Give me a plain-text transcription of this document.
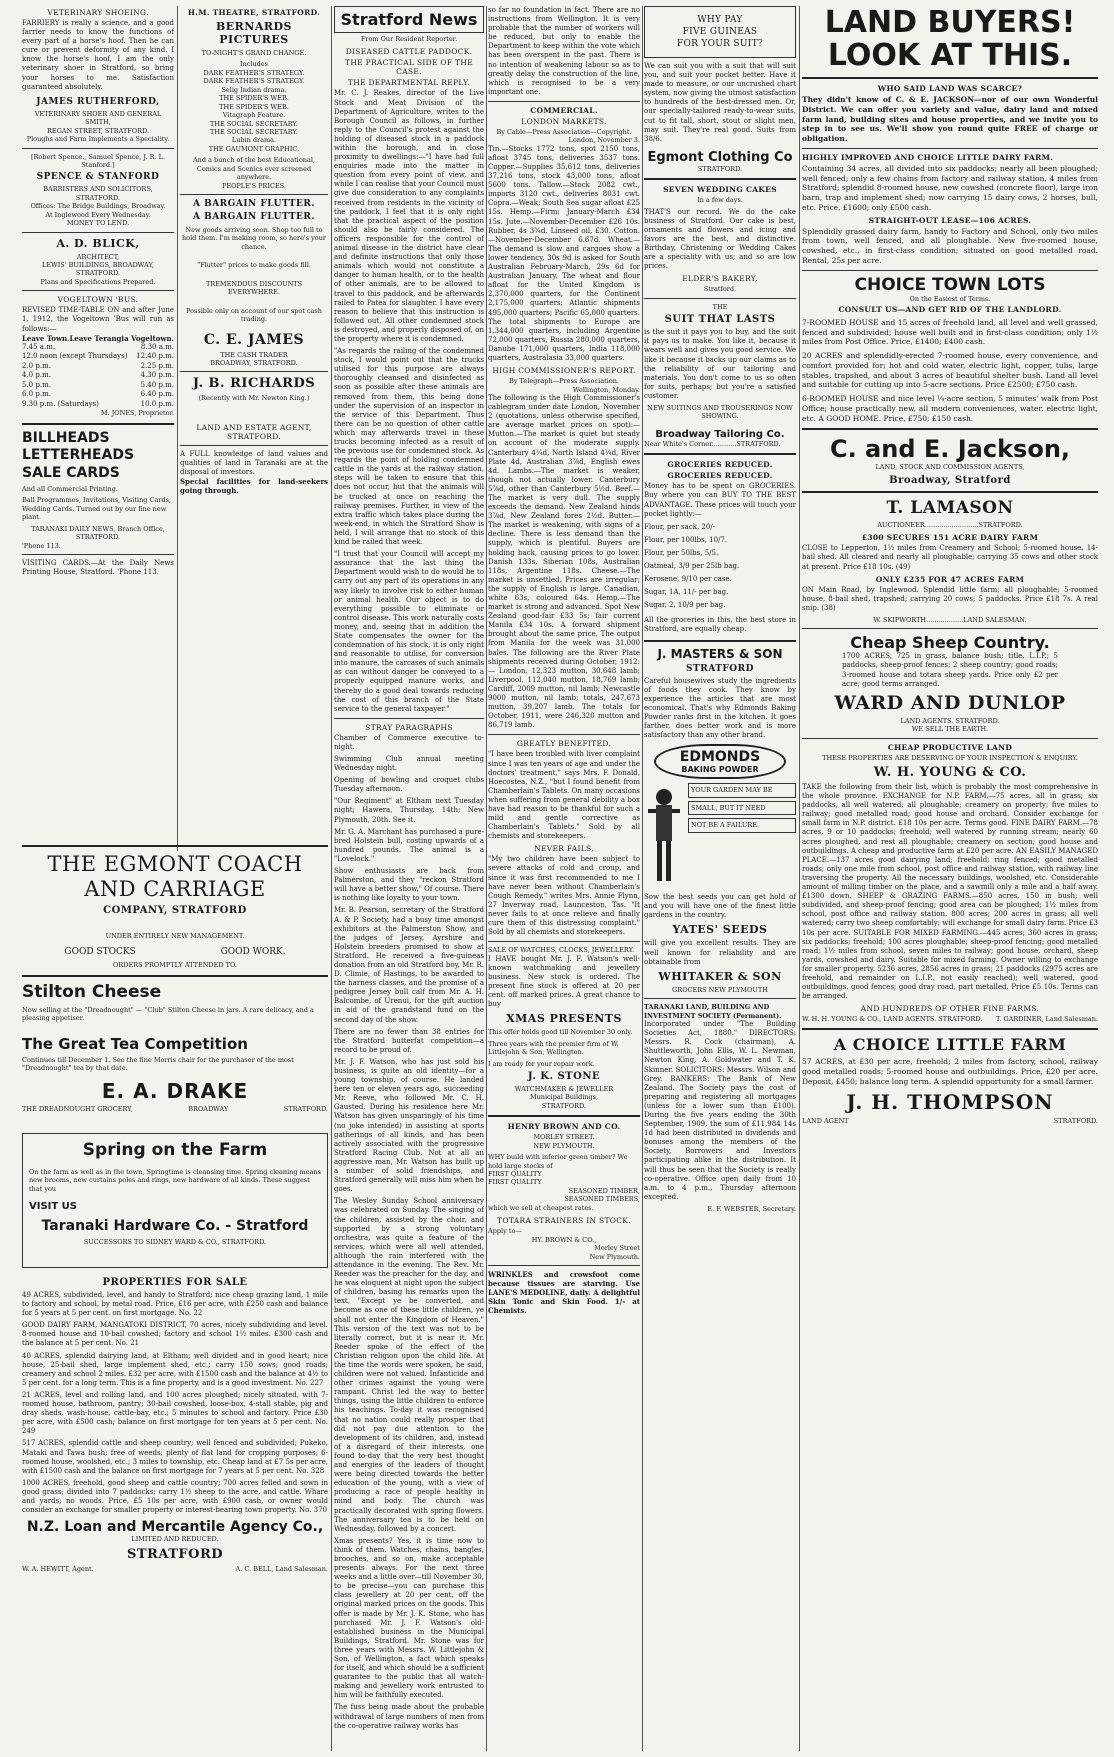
VETERINARY SHOEING.

FARRIERY is really a science, and a good farrier needs to know the functions of every part of a horse's hoof. Then he can cure or prevent deformity of any kind. I know the horse's hoof, I am the only veterinary shoer in Stratford, so bring your horses to me. Satisfaction guaranteed absolutely.

JAMES RUTHERFORD,
VETERINARY SHOER AND GENERAL SMITH,
REGAN STREET, STRATFORD.
Ploughs and Farm Implements a Speciality.
[Robert Spence., Samuel Spence, J. R. L. Stanford.]
SPENCE & STANFORD
BARRISTERS AND SOLICITORS, STRATFORD.
Offices: The Bridge Buildings, Broadway.
At Inglewood Every Wednesday.
MONEY TO LEND.
A. D. BLICK,
ARCHITECT,
LEWIS' BUILDINGS, BROADWAY, STRATFORD.
Plans and Specifications Prepared.
VOGELTOWN 'BUS.

REVISED TIME-TABLE ON and after June 1, 1912, the Vogeltown 'Bus will run as follows:—

Leave Town. Leave Terangia Vogeltown.
7.45 a.m.	8.30 a.m.
12.0 noon (except Thursdays) 12.40 p.m.
2.0 p.m.	2.25 p.m.
4.0 p.m.	4.30 p.m.
5.0 p.m.	5.40 p.m.
6.0 p.m.	6.40 p.m.
9.30 p.m. (Saturdays)	10.0 p.m.
M. JONES, Proprietor.
BILLHEADS
LETTERHEADS
SALE CARDS
And all Commercial Printing.
Ball Programmes, Invitations, Visiting Cards, Wedding Cards. Turned out by our fine new plant.
TARANAKI DAILY NEWS, Branch Office, STRATFORD.
'Phone 113.

VISITING CARDS.—At the Daily News Printing House, Stratford. 'Phone 113.

H.M. THEATRE, STRATFORD.
BERNARDS PICTURES
TO-NIGHT'S GRAND CHANGE.
Includes
DARK FEATHER'S STRATEGY.
DARK FEATHER'S STRATEGY.
Selig Indian drama.
THE SPIDER'S WEB.
THE SPIDER'S WEB.
Vitagraph Feature.
THE SOCIAL SECRETARY.
THE SOCIAL SECRETARY.
Lubin drama.
THE GAUMONT GRAPHIC.

And a bunch of the best Educational, Comics and Scenics ever screened anywhere.

PEOPLE'S PRICES.
A BARGAIN FLUTTER.
A BARGAIN FLUTTER.

New goods arriving soon. Shop too full to hold them. I'm making room, so here's your chance.

"Flutter" prices to make goods fill.

TREMENDOUS DISCOUNTS EVERYWHERE.

Possible only on account of our spot cash trading.

C. E. JAMES
THE CASH TRADER
BROADWAY, STRATFORD.
J. B. RICHARDS
(Recently with Mr. Newton King.)
LAND AND ESTATE AGENT, STRATFORD.

A FULL knowledge of land values and qualities of land in Taranaki are at the disposal of investors.

Special facilities for land-seekers going through.

THE EGMONT COACH AND CARRIAGE
COMPANY, STRATFORD
UNDER ENTIRELY NEW MANAGEMENT.
GOOD STOCKS	GOOD WORK.
ORDERS PROMPTLY ATTENDED TO.
Stilton Cheese

Now selling at the "Dreadnought" — "Club" Stilton Cheese in jars. A rare delicacy, and a pleasing appetiser.

The Great Tea Competition

Continues till December 1. See the fine Morris chair for the purchaser of the most "Dreadnought" tea by that date.

E. A. DRAKE
THE DREADNOUGHT GROCERY,	BROADWAY	STRATFORD.
Spring on the Farm

On the farm as well as in the town, Springtime is cleansing time. Spring cleaning means new brooms, new curtains poles and rings, new hardware of all kinds. These suggest that you

VISIT US
Taranaki Hardware Co. - Stratford
SUCCESSORS TO SIDNEY WARD & CO., STRATFORD.
PROPERTIES FOR SALE

49 ACRES, subdivided, level, and handy to Stratford; nice cheap grazing land, 1 mile to factory and school, by metal road. Price, £16 per acre, with £250 cash and balance for 5 years at 5 per cent. on first mortgage. No. 22

GOOD DAIRY FARM, MANGATOKI DISTRICT, 70 acres, nicely subdividing and level. 8-roomed house and 10-bail cowshed; factory and school 1½ miles. £300 cash and the balance at 5 per cent. No. 21

40 ACRES, splendid dairying land, at Eltham; well divided and in good heart; nice house, 25-bail shed, large implement shed, etc.; carry 150 sows; good roads; creamery and school 2 miles. £32 per acre, with £1500 cash and the balance at 4½ to 5 per cent. for a long term. This is a fine property, and is a good investment. No. 227

21 ACRES, level and rolling land, and 100 acres ploughed; nicely situated, with 7-roomed house, bathroom, pantry; 30-bail cowshed, loose-box, 4-stall stable, pig and dray sheds, wash-house, cattle-bay, etc.; 5 minutes to school and factory. Price £30 per acre, with £500 cash; balance on first mortgage for ten years at 5 per cent. No. 249

517 ACRES, splendid cattle and sheep country; well fenced and subdivided; Pukeko, Mataki and Tawa bush; free of weeds; plenty of flat land for cropping purposes; 6-roomed house, woolshed, etc.; 3 miles to township, etc. Cheap land at £7 5s per acre, with £1500 cash and the balance on first mortgage for 7 years at 5 per cent. No. 328

1000 ACRES, freehold, good sheep and cattle country; 700 acres felled and sown in good grass; divided into 7 paddocks; carry 1½ sheep to the acre, and cattle. Whare and yards; no woods. Price, £5 10s per acre, with £900 cash, or owner would consider an exchange for smaller property or interest-bearing town property. No. 370

N.Z. Loan and Mercantile Agency Co.,
LIMITED AND REDUCED.
STRATFORD
W. A. HEWITT, Agent.	A. C. BELL, Land Salesman.
Stratford News
From Our Resident Reporter.
DISEASED CATTLE PADDOCK.
THE PRACTICAL SIDE OF THE CASE.
THE DEPARTMENTAL REPLY.

Mr. C. J. Reakes, director of the Live Stock and Meat Division of the Department of Agriculture, writes to the Borough Council as follows, in further reply to the Council's protest against the holding of diseased stock in a paddock within the borough, and in close proximity to dwellings:—"I have had full enquiries made into the matter in question from every point of view, and while I can realise that your Council must give due consideration to any complaints received from residents in the vicinity of the paddock, I feel that it is only right that the practical aspect of the position should also be fairly considered. The officers responsible for the control of animal disease in the district have clear and definite instructions that only those animals which would not constitute a danger to human health, or to the health of other animals, are to be allowed to travel to this paddock, and be afterwards railed to Patea for slaughter. I have every reason to believe that this instruction is followed out. All other condemned stock is destroyed, and properly disposed of, on the property where it is condemned.

"As regards the railing of the condemned stock, I would point out that the trucks utilised for this purpose are always thoroughly cleansed and disinfected as soon as possible after these animals are removed from them, this being done under the supervision of an inspector in the service of this Department. Thus there can be no question of other cattle which may afterwards travel in these trucks becoming infected as a result of the previous use for condemned stock. As regards the point of holding condemned cattle in the yards at the railway station, steps will be taken to ensure that this does not occur, but that the animals will be trucked at once on reaching the railway premises. Further, in view of the extra traffic which takes place during the week-end, in which the Stratford Show is held, I will arrange that no stock of this kind be railed that week.

"I trust that your Council will accept my assurance that the last thing the Department would wish to do would be to carry out any part of its operations in any way likely to involve risk to either human or animal health. Our object is to do everything possible to eliminate or control disease. This work naturally costs money, and, seeing that in addition the State compensates the owner for the condemnation of his stock, it is only right and reasonable to utilise, for conversion into manure, the carcases of such animals as can without danger be conveyed to a properly equipped manure works, and thereby do a good deal towards reducing the cost of this branch of the State service to the general taxpayer."

STRAY PARAGRAPHS

Chamber of Commerce executive to-night.

Swimming Club annual meeting Wednesday night.

Opening of bowling and croquet clubs Tuesday afternoon.

"Our Regiment" at Eltham next Tuesday night; Hawera, Thursday, 14th; New Plymouth, 20th. See it.

Mr. G. A. Marchant has purchased a pure-bred Holstein bull, costing upwards of a hundred pounds. The animal is a "Lovelock."

Show enthusiasts are back from Palmerston, and they "reckon Stratford will have a better show." Of course. There is nothing like loyalty to your town.

Mr. B. Pearson, secretary of the Stratford A. & P. Society, had a busy time amongst exhibitors at the Palmerston Show, and the judges of Jersey, Ayrshire and Holstein breeders promised to show at Stratford. He received a five-guineas donation from an old Stratford boy, Mr. R. D. Climie, of Hastings, to be awarded to the harness classes, and the promise of a pedigree Jersey bull calf from Mr. A. H. Balcombe, of Urenui, for the gift auction in aid of the grandstand fund on the second day of the show.

There are no fewer than 38 entries for the Stratford butterfat competition—a record to be proud of.

Mr. J. F. Watson, who has just sold his business, is quite an old identity—for a young township, of course. He landed here ten or eleven years ago, succeeding Mr. Reeve, who followed Mr. C. H. Gausted. During his residence here Mr. Watson has given unsparingly of his time (no joke intended) in assisting at sports gatherings of all kinds, and has been actively associated with the progressive Stratford Racing Club. Not at all an aggressive man, Mr. Watson has built up a number of solid friendships, and Stratford generally will miss him when he goes.

The Wesley Sunday School anniversary was celebrated on Sunday. The singing of the children, assisted by the choir, and supported by a strong voluntary orchestra, was quite a feature of the services, which were all well attended, although the rain interfered with the attendance in the evening. The Rev. Mr. Reeder was the preacher for the day, and he was eloquent at night upon the subject of children, basing his remarks upon the text, "Except ye be converted, and become as one of these little children, ye shall not enter the Kingdom of Heaven." This version of the text was not to be literally correct, but it is near it. Mr. Reeder spoke of the effect of the Christian religion upon the child life. At the time the words were spoken, he said, children were not valued. Infanticide and other crimes against the young were rampant. Christ led the way to better things, using the little children to enforce his teachings. To-day it was recognised that no nation could really prosper that did not pay due attention to the development of its children, and, instead of a disregard of their interests, one found to-day that the very best thought and energies of the leaders of thought were being directed towards the better education of the young, with a view of producing a race of people healthy in mind and body. The church was practically decorated with spring flowers. The anniversary tea is to be held on Wednesday, followed by a concert.

Xmas presents? Yes, it is time now to think of them. Watches, chains, bangles, brooches, and so on, make acceptable presents always. For the next three weeks and a little over—till November 30, to be precise—you can purchase this class jewellery at 20 per cent. off the original marked prices on the goods. This offer is made by Mr. J. K. Stone, who has purchased Mr. J. F. Watson's old-established business in the Municipal Buildings, Stratford. Mr. Stone was for three years with Messrs. W. Littlejohn & Son, of Wellington, a fact which speaks for itself, and which should be a sufficient guarantee to the public that all watch-making and jewellery work entrusted to him will be faithfully executed.

The fuss being made about the probable withdrawal of large numbers of men from the co-operative railway works has

so far no foundation in fact. There are no instructions from Wellington. It is very probable that the number of workers will be reduced, but only to enable the Department to keep within the vote which has been overspent in the past. There is no intention of weakening labour so as to greatly delay the construction of the line, which is recognised to be a very important one.

COMMERCIAL.
LONDON MARKETS.
By Cable—Press Association—Copyright.
London, November 3.

Tin.—Stocks 1772 tons, spot 2150 tons, afloat 3745 tons, deliveries 3537 tons. Copper.—Supplies 35,612 tons, deliveries 37,216 tons, stock 43,000 tons, afloat 5600 tons. Tallow.—Stock 2082 cwt., imports 3120 cwt., deliveries 8031 cwt. Copra.—Weak; South Sea sugar afloat £25 15s. Hemp.—Firm; January-March £34 15s. Jute.—November-December £26 10s. Rubber, 4s 3¾d. Linseed oil, £30. Cotton.—November-December 6.67d. Wheat.—The demand is slow and cargoes show a lower tendency, 30s 9d is asked for South Australian February-March, 29s 6d for Australian January. The wheat and flour afloat for the United Kingdom is 2,370,000 quarters, for the Continent 2,175,000 quarters; Atlantic shipments 495,000 quarters; Pacific 65,000 quarters. The total shipments to Europe are 1,344,000 quarters, including Argentine 72,000 quarters, Russia 280,000 quarters, Danube 171,000 quarters, India 118,000 quarters, Australasia 33,000 quarters.

HIGH COMMISSIONER'S REPORT.
By Telegraph—Press Association.
Wellington, Monday.

The following is the High Commissioner's cablegram under date London, November 2 (quotations, unless otherwise specified, are average market prices on spot):— Mutton.—The market is quiet but steady on account of the moderate supply. Canterbury 4¼d, North Island 4¼d, River Plate 4d, Australian 3⅞d, English ewes 4d. Lambs.—The market is weaker, though not actually lower. Canterbury 5⅞d, other than Canterbury 5½d. Beef.—The market is very dull. The supply exceeds the demand. New Zealand hinds 3⅞d, New Zealand fores 2½d. Butter.—The market is weakening, with signs of a decline. There is less demand than the supply, which is plentiful. Buyers are holding back, causing prices to go lower. Danish 133s, Siberian 108s, Australian 118s, Argentine 118s. Cheese.—The market is unsettled. Prices are irregular; the supply of English is large. Canadian, white 63s, coloured 64s. Hemp.—The market is strong and advanced. Spot New Zealand good-fair £33 5s; fair current Manila £34 10s. A forward shipment brought about the same price. The output from Manila for the week was 31,000 bales. The following are the River Plate shipments received during October, 1912:— London, 12,323 mutton, 30,648 lamb; Liverpool, 112,040 mutton, 18,769 lamb; Cardiff, 2009 mutton, nil lamb; Newcastle 9000 mutton, nil lamb; totals, 247,673 mutton, 39,207 lamb. The totals for October, 1911, were 246,320 mutton and 86,719 lamb.

GREATLY BENEFITED.

"I have been troubled with liver complaint since I was ten years of age and under the doctors' treatment," says Mrs. F. Donald, Hoecostea, N.Z., "but I found benefit from Chamberlain's Tablets. On many occasions when suffering from general debility a box have had reason to be thankful for such a mild and gentle corrective as Chamberlain's Tablets." Sold by all chemists and storekeepers.

NEVER FAILS.

"My two children have been subject to severe attacks of cold and croup, and since it was first recommended to me I have never been without Chamberlain's Cough Remedy," writes Mrs. Annie Flynn, 27 Inverway road, Launceston, Tas. "It never fails to at once relieve and finally cure them of this distressing complaint." Sold by all chemists and storekeepers.

SALE OF WATCHES, CLOCKS, JEWELLERY.

I HAVE bought Mr. J. F. Watson's well-known watchmaking and jewellery business. New stock is ordered. The present fine stock is offered at 20 per cent. off marked prices. A great chance to buy

XMAS PRESENTS

This offer holds good till November 30 only.

Three years with the premier firm of W. Littlejohn & Son, Wellington.

I am ready for your repair work.

J. K. STONE
WATCHMAKER & JEWELLER
Municipal Buildings,
STRATFORD.
HENRY BROWN AND CO.
MORLEY STREET.
NEW PLYMOUTH.

WHY build with inferior green timber? We hold large stocks of

FIRST QUALITY
FIRST QUALITY
SEASONED TIMBER,
SEASONED TIMBERS,

which we sell at cheapest rates.

TOTARA STRAINERS IN STOCK.
Apply to—
HY. BROWN & CO.,
Morley Street
New Plymouth.

WRINKLES and crowsfoot come because tissues are starving. Use LANE'S MEDOLINE, daily. A delightful Skin Tonic and Skin Food. 1/- at Chemists.

WHY PAY
FIVE GUINEAS
FOR YOUR SUIT?

We can suit you with a suit that will suit you, and suit your pocket better. Have it made to measure, or our uncrushed chart system, now giving the utmost satisfaction to hundreds of the best-dressed men. Or, our specially-tailored ready-to-wear suits, cut to fit tall, short, stout or slight men, may suit. They're real good. Suits from 38/6.

Egmont Clothing Co
STRATFORD.
SEVEN WEDDING CAKES
In a few days.

THAT'S our record. We do the cake business of Stratford. Our cake is best, ornaments and flowers and icing and favors are the best, and distinctive. Birthday, Christening or Wedding Cakes are a speciality with us; and so are low prices.

ELDER'S BAKERY,
Stratford.
THE
SUIT THAT LASTS

is the suit it pays you to buy, and the suit it pays us to make. You like it, because it wears well and gives you good service. We like it because it backs up our claims as to the reliability of our tailoring and materials. You don't come to us so often for suits, perhaps; but you're a satisfied customer.

NEW SUITINGS AND TROUSERINGS NOW SHOWING.
Broadway Tailoring Co.
Near White's Corner............STRATFORD.
GROCERIES REDUCED.
GROCERIES REDUCED.

Money has to be spent on GROCERIES. Buy where you can BUY TO THE BEST ADVANTAGE. These prices will touch your pocket lightly:—

Flour, per sack, 20/-
Flour, per 100lbs, 10/7.
Flour, per 50lbs, 5/5.
Oatmeal, 3/9 per 25lb bag.
Kerosene, 9/10 per case.
Sugar, 1A, 11/- per bag.
Sugar, 2, 10/9 per bag.

All the groceries in this, the best store in Stratford, are equally cheap.

J. MASTERS & SON
STRATFORD

Careful housewives study the ingredients of foods they cook. They know by experience the articles that are most economical. That's why Edmonds Baking Powder ranks first in the kitchen. It goes farther, does better work and is more satisfactory than any other brand.

EDMONDS
BAKING POWDER
YOUR GARDEN MAY BE
SMALL, BUT IT NEED
NOT BE A FAILURE.

Sow the best seeds you can get hold of and you will have one of the finest little gardens in the country.

YATES' SEEDS

will give you excellent results. They are well known for reliability and are obtainable from

WHITAKER & SON
GROCERS NEW PLYMOUTH
TARANAKI LAND, BUILDING AND INVESTMENT SOCIETY (Permanent).

Incorporated under "The Building Societies Act, 1880." DIRECTORS: Messrs. R. Cock (chairman), A. Shuttleworth, John Ellis, W. L. Newman, Newton King, A. Goldwater and T. K. Skinner. SOLICITORS: Messrs. Wilson and Grey. BANKERS: The Bank of New Zealand. The Society pays the cost of preparing and registering all mortgages (unless for a lower sum than £100). During the five years ending the 30th September, 1909, the sum of £11,984 14s 1d had been distributed in dividends and bonuses among the members of the Society, Borrowers and Investors participating alike in the distribution. It will thus be seen that the Society is really co-operative. Office open daily from 10 a.m. to 4 p.m., Thursday afternoon excepted.

E. F. WEBSTER, Secretary.
LAND BUYERS!
LOOK AT THIS.
WHO SAID LAND WAS SCARCE?

They didn't know of C. & E. JACKSON—nor of our own Wonderful District. We can offer you variety and value, dairy land and mixed farm land, building sites and house properties, and we invite you to step in to see us. We'll show you round quite FREE of charge or obligation.

HIGHLY IMPROVED AND CHOICE LITTLE DAIRY FARM.

Containing 34 acres, all divided into six paddocks; nearly all been ploughed; well fenced; only a few chains from factory and railway station, 4 miles from Stratford; splendid 8-roomed house, new cowshed (concrete floor), large iron barn, trap and implement shed; now carrying 15 dairy cows, 2 horses, bull, etc. Price, £1600; only £500 cash.

STRAIGHT-OUT LEASE—106 ACRES.

Splendidly grassed dairy farm, handy to Factory and School, only two miles from town, well fenced, and all ploughable. New five-roomed house, cowshed, etc., in first-class condition; situated on good metalled road. Rental, 25s per acre.

CHOICE TOWN LOTS
On the Easiest of Terms.
CONSULT US—AND GET RID OF THE LANDLORD.

7-ROOMED HOUSE and 15 acres of freehold land, all level and well grassed, fenced and subdivided; house well built and in first-class condition; only 1½ miles from Post Office. Price, £1400; £400 cash.

20 ACRES and splendidly-erected 7-roomed house, every convenience, and comfort provided for; hot and cold water, electric light, copper, tubs, large stables, trapshed, and about 3 acres of beautiful shelter bush. Land all level and suitable for cutting up into 5-acre sections. Price £2500; £750 cash.

6-ROOMED HOUSE and nice level ¼-acre section, 5 minutes' walk from Post Office; house practically new, all modern conveniences, water, electric light, etc. A GOOD HOME. Price, £750; £150 cash.

C. and E. Jackson,
LAND, STOCK AND COMMISSION AGENTS,
Broadway, Stratford
T. LAMASON
AUCTIONEER..........................STRATFORD.
£300 SECURES 151 ACRE DAIRY FARM

CLOSE to Lepperton, 1½ miles from Creamery and School; 5-roomed house, 14-bail shed. All cleared and nearly all ploughable; carrying 35 cows and other stock at present. Price £18 10s. (49)

ONLY £235 FOR 47 ACRES FARM

ON Main Road, by Inglewood. Splendid little farm; all ploughable; 5-roomed house, 8-bail shed, trapshed; carrying 20 cows; 5 paddocks. Price £18 7s. A real snip. (38)

W. SKIPWORTH..................LAND SALESMAN.
Cheap Sheep Country.

1700 ACRES, 725 in grass, balance bush; title, L.I.P.; 5 paddocks, sheep-proof fences; 2 sheep country; good roads; 3-roomed house and totara sheep yards. Price only £2 per acre; good terms arranged.

WARD AND DUNLOP
LAND AGENTS. STRATFORD.
WE SELL THE EARTH.
CHEAP PRODUCTIVE LAND
THESE PROPERTIES ARE DESERVING OF YOUR INSPECTION & ENQUIRY.
W. H. YOUNG & CO.

TAKE the following from their list, which is probably the most comprehensive in the whole province. EXCHANGE for N.P. FARM.—75 acres, all in grass; six paddocks, all well watered; all ploughable; creamery on property; five miles to railway; good metalled road; good house and orchard. Consider exchange for small farm in N.P. district. £18 10s per acre. Terms good. FINE DAIRY FARM.—78 acres, 9 or 10 paddocks; freehold; well watered by running stream; nearly 60 acres ploughed, and rest all ploughable; creamery on section; good house and outbuildings. A cheap and productive farm at £20 per acre. AN EASILY MANAGED PLACE.—137 acres good dairying land; freehold; ring fenced; good metalled roads; only one mile from school, post office and railway station, with railway line traversing the property. All the necessary buildings, woolshed, etc. Considerable amount of milling timber on the place, and a sawmill only a mile and a half away. £1300 down. SHEEP & GRAZING FARMS.—850 acres, 150 in bush; well subdivided, and sheep-proof fencing; good area can be ploughed; 1½ miles from school, post office and railway station. 800 acres; 200 acres in grass; all well watered; carry two sheep comfortably; will exchange for small dairy farm. Price £3 10s per acre. SUITABLE FOR MIXED FARMING.—445 acres; 360 acres in grass; six paddocks; freehold; 100 acres ploughable; sheep-proof fencing; good metalled road; 1½ miles from school, seven miles to railway; good house, orchard, sheep yards, cowshed and dairy. Suitable for mixed farming. Owner willing to exchange for smaller property. 5236 acres, 2856 acres in grass; 21 paddocks (2975 acres are freehold, and remainder on L.I.P., not easily reached); well watered, good outbuildings, good fences; good dray road, part metalled. Price £5 10s. Terms can be arranged.

AND HUNDREDS OF OTHER FINE FARMS.
W. H. H. YOUNG & CO., LAND AGENTS. STRATFORD. T. GARDINER, Land Salesman.
A CHOICE LITTLE FARM

57 ACRES, at £30 per acre, freehold; 2 miles from factory, school, railway good metalled roads; 5-roomed house and outbuildings. Price, £20 per acre. Deposit, £450; balance long term. A splendid opportunity for a small farmer.

J. H. THOMPSON
LAND AGENT	STRATFORD.
